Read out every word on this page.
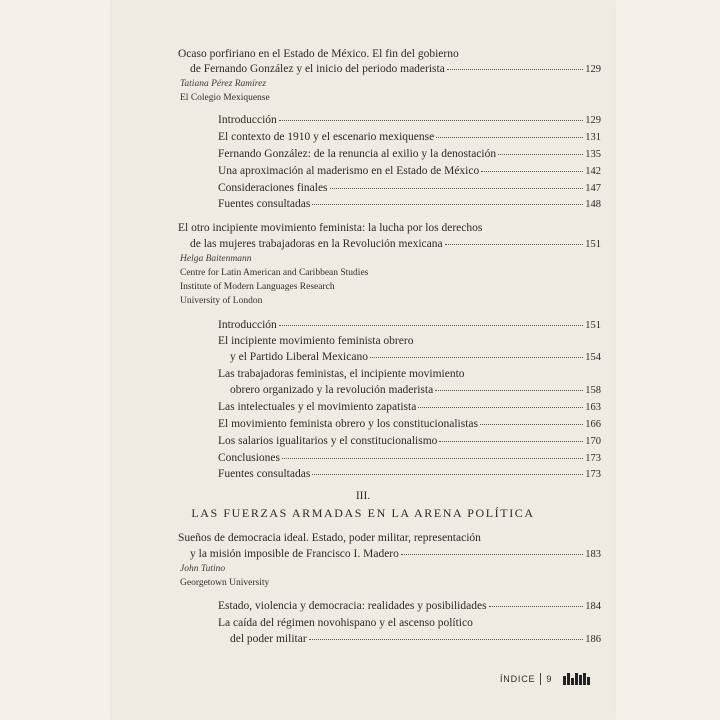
Ocaso porfiriano en el Estado de México. El fin del gobierno
de Fernando González y el inicio del periodo maderista	129
Tatiana Pérez Ramírez
El Colegio Mexiquense
Introducción	129
El contexto de 1910 y el escenario mexiquense	131
Fernando González: de la renuncia al exilio y la denostación	135
Una aproximación al maderismo en el Estado de México	142
Consideraciones finales	147
Fuentes consultadas	148
El otro incipiente movimiento feminista: la lucha por los derechos
de las mujeres trabajadoras en la Revolución mexicana	151
Helga Baitenmann
Centre for Latin American and Caribbean Studies
Institute of Modern Languages Research
University of London
Introducción	151
El incipiente movimiento feminista obrero
y el Partido Liberal Mexicano	154
Las trabajadoras feministas, el incipiente movimiento
obrero organizado y la revolución maderista	158
Las intelectuales y el movimiento zapatista	163
El movimiento feminista obrero y los constitucionalistas	166
Los salarios igualitarios y el constitucionalismo	170
Conclusiones	173
Fuentes consultadas	173
III.
LAS FUERZAS ARMADAS EN LA ARENA POLÍTICA
Sueños de democracia ideal. Estado, poder militar, representación
y la misión imposible de Francisco I. Madero	183
John Tutino
Georgetown University
Estado, violencia y democracia: realidades y posibilidades	184
La caída del régimen novohispano y el ascenso político
del poder militar	186
ÍNDICE 9
